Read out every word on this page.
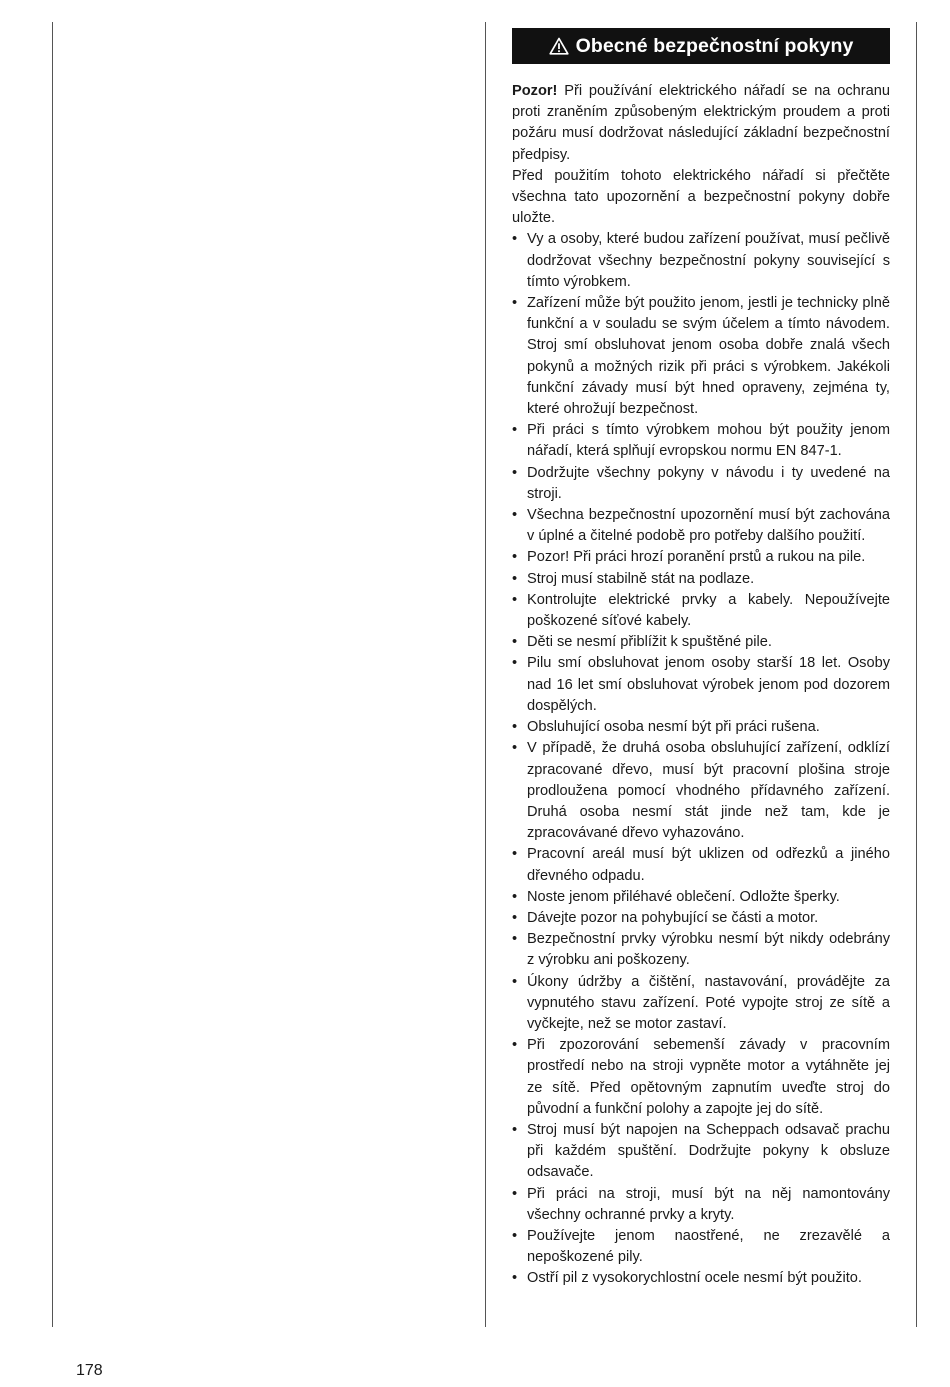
Obecné bezpečnostní pokyny

Pozor! Při používání elektrického nářadí se na ochranu proti zraněním způsobeným elektrickým proudem a proti požáru musí dodržovat následující základní bezpečnostní předpisy.

Před použitím tohoto elektrického nářadí si přečtěte všechna tato upozornění a bezpečnostní pokyny dobře uložte.

• Vy a osoby, které budou zařízení používat, musí pečlivě dodržovat všechny bezpečnostní pokyny související s tímto výrobkem.
• Zařízení může být použito jenom, jestli je technicky plně funkční a v souladu se svým účelem a tímto návodem. Stroj smí obsluhovat jenom osoba dobře znalá všech pokynů a možných rizik při práci s výrobkem. Jakékoli funkční závady musí být hned opraveny, zejména ty, které ohrožují bezpečnost.
• Při práci s tímto výrobkem mohou být použity jenom nářadí, která splňují evropskou normu EN 847-1.
• Dodržujte všechny pokyny v návodu i ty uvedené na stroji.
• Všechna bezpečnostní upozornění musí být zachována v úplné a čitelné podobě pro potřeby dalšího použití.
• Pozor! Při práci hrozí poranění prstů a rukou na pile.
• Stroj musí stabilně stát na podlaze.
• Kontrolujte elektrické prvky a kabely. Nepoužívejte poškozené síťové kabely.
• Děti se nesmí přiblížit k spuštěné pile.
• Pilu smí obsluhovat jenom osoby starší 18 let. Osoby nad 16 let smí obsluhovat výrobek jenom pod dozorem dospělých.
• Obsluhující osoba nesmí být při práci rušena.
• V případě, že druhá osoba obsluhující zařízení, odklízí zpracované dřevo, musí být pracovní plošina stroje prodloužena pomocí vhodného přídavného zařízení. Druhá osoba nesmí stát jinde než tam, kde je zpracovávané dřevo vyhazováno.
• Pracovní areál musí být uklizen od odřezků a jiného dřevného odpadu.
• Noste jenom přiléhavé oblečení. Odložte šperky.
• Dávejte pozor na pohybující se části a motor.
• Bezpečnostní prvky výrobku nesmí být nikdy odebrány z výrobku ani poškozeny.
• Úkony údržby a čištění, nastavování, provádějte za vypnutého stavu zařízení. Poté vypojte stroj ze sítě a vyčkejte, než se motor zastaví.
• Při zpozorování sebemenší závady v pracovním prostředí nebo na stroji vypněte motor a vytáhněte jej ze sítě. Před opětovným zapnutím uveďte stroj do původní a funkční polohy a zapojte jej do sítě.
• Stroj musí být napojen na Scheppach odsavač prachu při každém spuštění. Dodržujte pokyny k obsluze odsavače.
• Při práci na stroji, musí být na něj namontovány všechny ochranné prvky a kryty.
• Používejte jenom naostřené, ne zrezavělé a nepoškozené pily.
• Ostří pil z vysokorychlostní ocele nesmí být použito.
178
